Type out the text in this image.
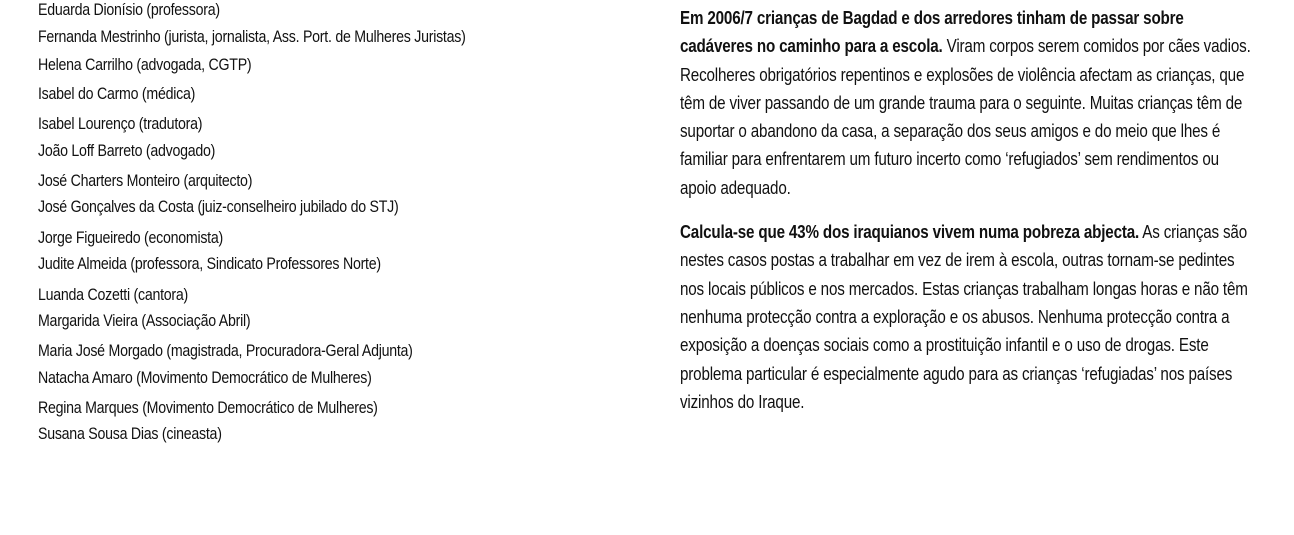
Eduarda Dionísio (professora)
Fernanda Mestrinho (jurista, jornalista, Ass. Port. de Mulheres Juristas)
Helena Carrilho (advogada, CGTP)
Isabel do Carmo (médica)
Isabel Lourenço (tradutora)
João Loff Barreto (advogado)
José Charters Monteiro (arquitecto)
José Gonçalves da Costa (juiz-conselheiro jubilado do STJ)
Jorge Figueiredo (economista)
Judite Almeida (professora, Sindicato Professores Norte)
Luanda Cozetti (cantora)
Margarida Vieira (Associação Abril)
Maria José Morgado (magistrada, Procuradora-Geral Adjunta)
Natacha Amaro (Movimento Democrático de Mulheres)
Regina Marques (Movimento Democrático de Mulheres)
Susana Sousa Dias (cineasta)

Em 2006/7 crianças de Bagdad e dos arredores tinham de passar sobre cadáveres no caminho para a escola. Viram corpos serem comidos por cães vadios. Recolheres obrigatórios repentinos e explosões de violência afectam as crianças, que têm de viver passando de um grande trauma para o seguinte. Muitas crianças têm de suportar o abandono da casa, a separação dos seus amigos e do meio que lhes é familiar para enfrentarem um futuro incerto como ‘refugiados’ sem rendimentos ou apoio adequado.

Calcula-se que 43% dos iraquianos vivem numa pobreza abjecta. As crianças são nestes casos postas a trabalhar em vez de irem à escola, outras tornam-se pedintes nos locais públicos e nos mercados. Estas crianças trabalham longas horas e não têm nenhuma protecção contra a exploração e os abusos. Nenhuma protecção contra a exposição a doenças sociais como a prostituição infantil e o uso de drogas. Este problema particular é especialmente agudo para as crianças ‘refugiadas’ nos países vizinhos do Iraque.
